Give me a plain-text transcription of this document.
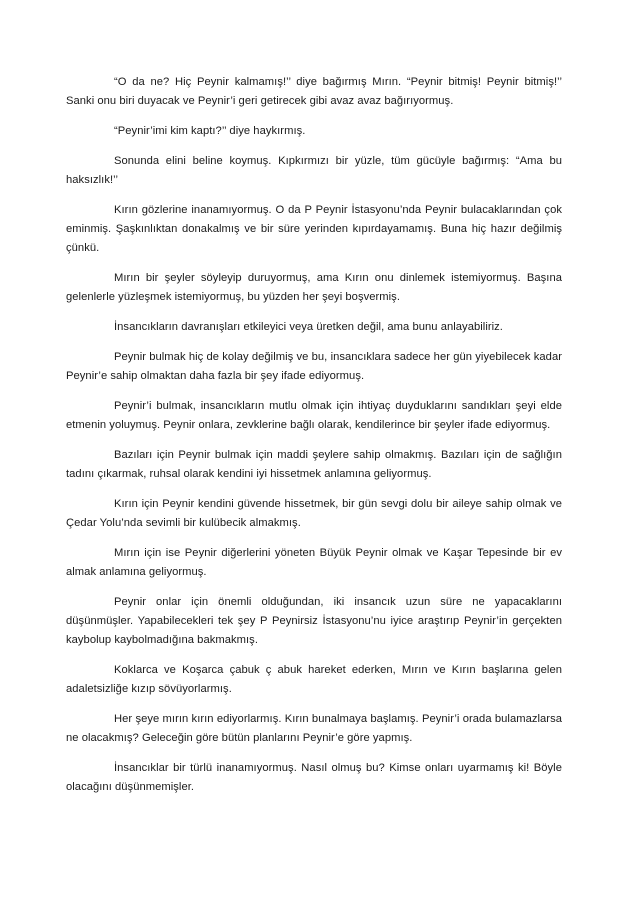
“O da ne? Hiç Peynir kalmamış!’’ diye bağırmış Mırın. “Peynir bitmiş! Peynir bitmiş!’’ Sanki onu biri duyacak ve Peynir’i geri getirecek gibi avaz avaz bağırıyormuş.

“Peynir’imi kim kaptı?’’ diye haykırmış.

Sonunda elini beline koymuş. Kıpkırmızı bir yüzle, tüm gücüyle bağırmış: “Ama bu haksızlık!’’

Kırın gözlerine inanamıyormuş. O da P Peynir İstasyonu’nda Peynir bulacaklarından çok eminmiş. Şaşkınlıktan donakalmış ve bir süre yerinden kıpırdayamamış. Buna hiç hazır değilmiş çünkü.

Mırın bir şeyler söyleyip duruyormuş, ama Kırın onu dinlemek istemiyormuş. Başına gelenlerle yüzleşmek istemiyormuş, bu yüzden her şeyi boşvermiş.

İnsancıkların davranışları etkileyici veya üretken değil, ama bunu anlayabiliriz.

Peynir bulmak hiç de kolay değilmiş ve bu, insancıklara sadece her gün yiyebilecek kadar Peynir’e sahip olmaktan daha fazla bir şey ifade ediyormuş.

Peynir’i bulmak, insancıkların mutlu olmak için ihtiyaç duyduklarını sandıkları şeyi elde etmenin yoluymuş. Peynir onlara, zevklerine bağlı olarak, kendilerince bir şeyler ifade ediyormuş.

Bazıları için Peynir bulmak için maddi şeylere sahip olmakmış. Bazıları için de sağlığın tadını çıkarmak, ruhsal olarak kendini iyi hissetmek anlamına geliyormuş.

Kırın için Peynir kendini güvende hissetmek, bir gün sevgi dolu bir aileye sahip olmak ve Çedar Yolu’nda sevimli bir kulübecik almakmış.

Mırın için ise Peynir diğerlerini yöneten Büyük Peynir olmak ve Kaşar Tepesinde bir ev almak anlamına geliyormuş.

Peynir onlar için önemli olduğundan, iki insancık uzun süre ne yapacaklarını düşünmüşler. Yapabilecekleri tek şey P Peynirsiz İstasyonu’nu iyice araştırıp Peynir’in gerçekten kaybolup kaybolmadığına bakmakmış.

Koklarca ve Koşarca çabuk ç abuk hareket ederken, Mırın ve Kırın başlarına gelen adaletsizliğe kızıp sövüyorlarmış.

Her şeye mırın kırın ediyorlarmış. Kırın bunalmaya başlamış. Peynir’i orada bulamazlarsa ne olacakmış? Geleceğin göre bütün planlarını Peynir’e göre yapmış.

İnsancıklar bir türlü inanamıyormuş. Nasıl olmuş bu? Kimse onları uyarmamış ki! Böyle olacağını düşünmemişler.
